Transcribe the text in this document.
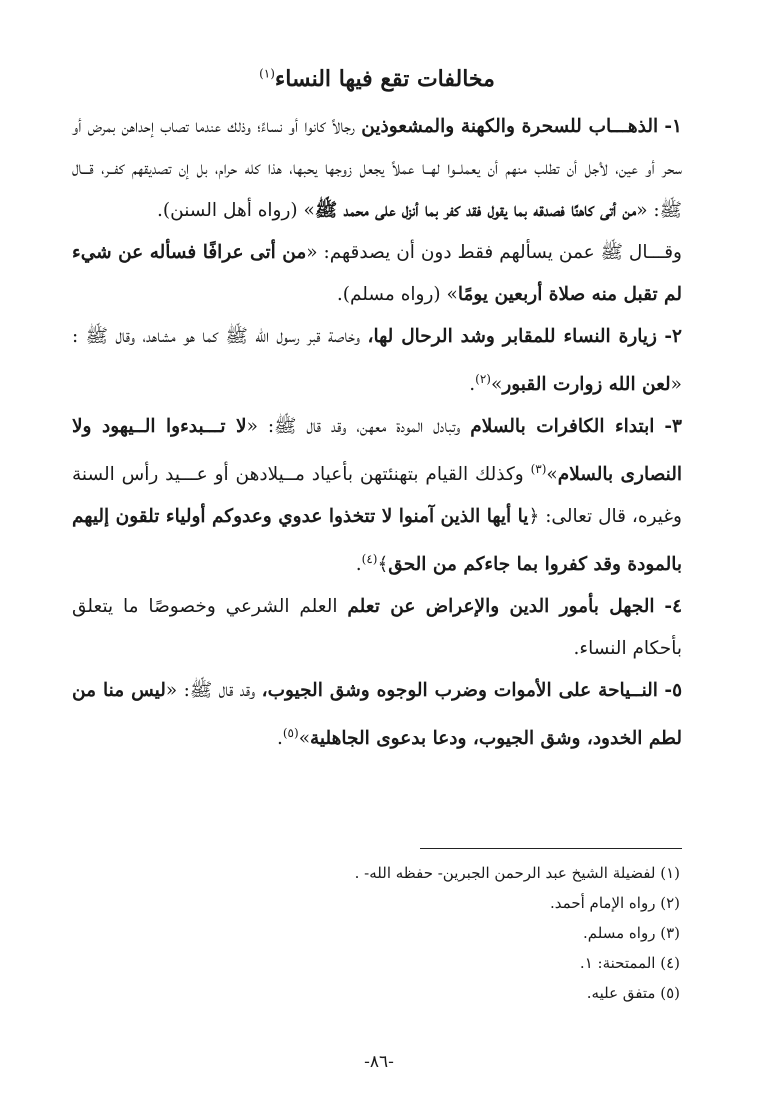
مخالفات تقع فيها النساء$^{(١)}$

١- الذهـــاب للسحرة والكهنة والمشعوذين رجالاً كانوا أو نساءً؛ وذلك عندما تصاب إحداهن بمرض أو سحر أو عين، لأجل أن تطلب منهم أن يعملــوا لهــا عملاً يجعل زوجها يحبها، هذا كله حرام، بل إن تصديقهم كفــر، قـــال ﷺ: «من أتى كاهنًا فصدقه بما يقول فقد كفر بما أنزل على محمد ﷺ» (رواه أهل السنن).

وقـــال ﷺ عمن يسألهم فقط دون أن يصدقهم: «من أتى عرافًا فسأله عن شيء لم تقبل منه صلاة أربعين يومًا» (رواه مسلم).

٢- زيارة النساء للمقابر وشد الرحال لها، وخاصة قبر رسول الله ﷺ كما هو مشاهد، وقال ﷺ : «لعن الله زوارت القبور»$^{(٢)}$.

٣- ابتداء الكافرات بالسلام وتبادل المودة معهن، وقد قال ﷺ: «لا تـــبدءوا الــيهود ولا النصارى بالسلام»$^{(٣)}$ وكذلك القيام بتهنئتهن بأعياد مــيلادهن أو عـــيد رأس السنة وغيره، قال تعالى: ﴿يا أيها الذين آمنوا لا تتخذوا عدوي وعدوكم أولياء تلقون إليهم بالمودة وقد كفروا بما جاءكم من الحق﴾$^{(٤)}$.

٤- الجهل بأمور الدين والإعراض عن تعلم العلم الشرعي وخصوصًا ما يتعلق بأحكام النساء.

٥- النــياحة على الأموات وضرب الوجوه وشق الجيوب، وقد قال ﷺ: «ليس منا من لطم الخدود، وشق الجيوب، ودعا بدعوى الجاهلية»$^{(٥)}$.

(١) لفضيلة الشيخ عبد الرحمن الجبرين- حفظه الله- .

(٢) رواه الإمام أحمد.

(٣) رواه مسلم.

(٤) الممتحنة: ١.

(٥) متفق عليه.

-٨٦-
